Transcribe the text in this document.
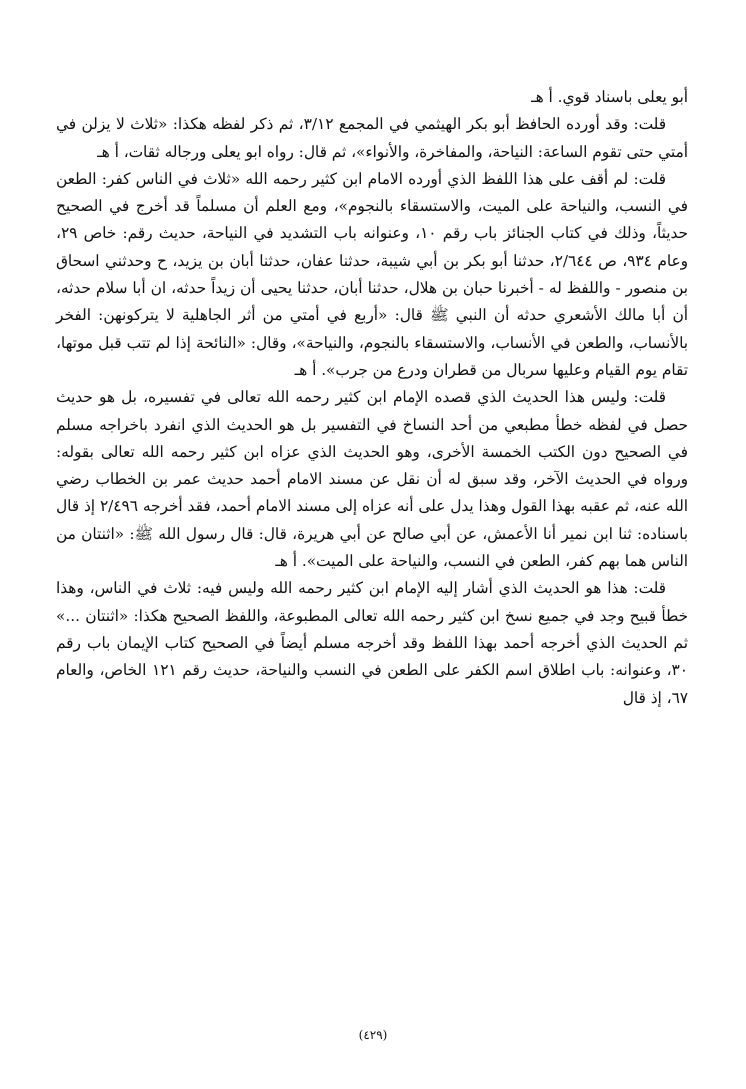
أبو يعلى باسناد قوي. أ هـ

قلت: وقد أورده الحافظ أبو بكر الهيثمي في المجمع ٣/١٢، ثم ذكر لفظه هكذا: «ثلاث لا يزلن في أمتي حتى تقوم الساعة: النياحة، والمفاخرة، والأنواء»، ثم قال: رواه ابو يعلى ورجاله ثقات، أ هـ

قلت: لم أقف على هذا اللفظ الذي أورده الامام ابن كثير رحمه الله «ثلاث في الناس كفر: الطعن في النسب، والنياحة على الميت، والاستسقاء بالنجوم»، ومع العلم أن مسلماً قد أخرج في الصحيح حديثاً، وذلك في كتاب الجنائز باب رقم ١٠، وعنوانه باب التشديد في النياحة، حديث رقم: خاص ٢٩، وعام ٩٣٤، ص ٢/٦٤٤، حدثنا أبو بكر بن أبي شيبة، حدثنا عفان، حدثنا أبان بن يزيد، ح وحدثني اسحاق بن منصور - واللفظ له - أخبرنا حبان بن هلال، حدثنا أبان، حدثنا يحيى أن زيداً حدثه، ان أبا سلام حدثه، أن أبا مالك الأشعري حدثه أن النبي ﷺ قال: «أربع في أمتي من أثر الجاهلية لا يتركونهن: الفخر بالأنساب، والطعن في الأنساب، والاستسقاء بالنجوم، والنياحة»، وقال: «النائحة إذا لم تتب قبل موتها، تقام يوم القيام وعليها سربال من قطران ودرع من جرب». أ هـ

قلت: وليس هذا الحديث الذي قصده الإمام ابن كثير رحمه الله تعالى في تفسيره، بل هو حديث حصل في لفظه خطأ مطبعي من أحد النساخ في التفسير بل هو الحديث الذي انفرد باخراجه مسلم في الصحيح دون الكتب الخمسة الأخرى، وهو الحديث الذي عزاه ابن كثير رحمه الله تعالى بقوله: ورواه في الحديث الآخر، وقد سبق له أن نقل عن مسند الامام أحمد حديث عمر بن الخطاب رضي الله عنه، ثم عقبه بهذا القول وهذا يدل على أنه عزاه إلى مسند الامام أحمد، فقد أخرجه ٢/٤٩٦ إذ قال باسناده: ثنا ابن نمير أنا الأعمش، عن أبي صالح عن أبي هريرة، قال: قال رسول الله ﷺ: «اثنتان من الناس هما بهم كفر، الطعن في النسب، والنياحة على الميت». أ هـ

قلت: هذا هو الحديث الذي أشار إليه الإمام ابن كثير رحمه الله وليس فيه: ثلاث في الناس، وهذا خطأ قبيح وجد في جميع نسخ ابن كثير رحمه الله تعالى المطبوعة، واللفظ الصحيح هكذا: «اثنتان ...» ثم الحديث الذي أخرجه أحمد بهذا اللفظ وقد أخرجه مسلم أيضاً في الصحيح كتاب الإيمان باب رقم ٣٠، وعنوانه: باب اطلاق اسم الكفر على الطعن في النسب والنياحة، حديث رقم ١٢١ الخاص، والعام ٦٧، إذ قال

(٤٢٩)
